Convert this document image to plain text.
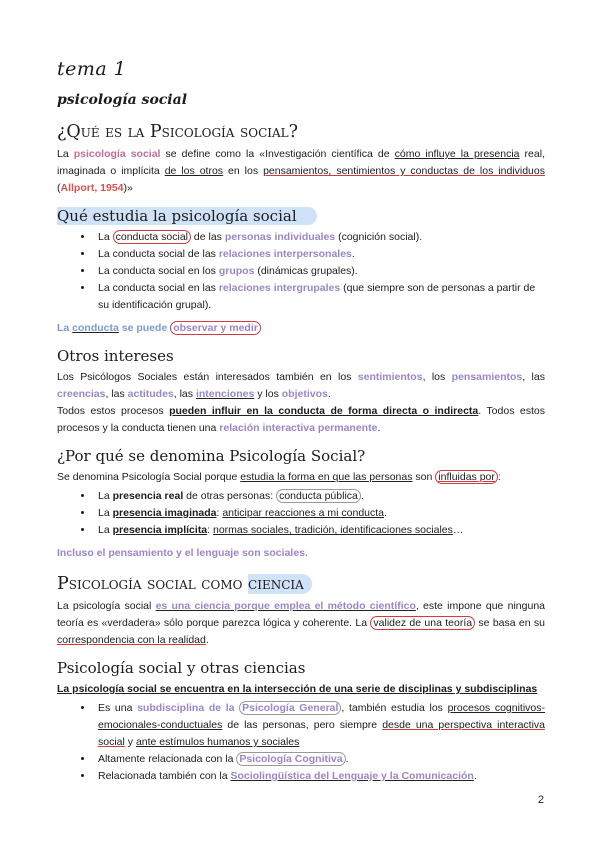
tema 1
psicología social
¿Qué es la Psicología social?

La psicología social se define como la «Investigación científica de cómo influye la presencia real, imaginada o implícita de los otros en los pensamientos, sentimientos y conductas de los individuos (Allport, 1954)»

Qué estudia la psicología social
• La conducta social de las personas individuales (cognición social).
• La conducta social de las relaciones interpersonales.
• La conducta social en los grupos (dinámicas grupales).
• La conducta social en las relaciones intergrupales (que siempre son de personas a partir de su identificación grupal).

La conducta se puede observar y medir

Otros intereses

Los Psicólogos Sociales están interesados también en los sentimientos, los pensamientos, las creencias, las actitudes, las intenciones y los objetivos.

Todos estos procesos pueden influir en la conducta de forma directa o indirecta. Todos estos procesos y la conducta tienen una relación interactiva permanente.

¿Por qué se denomina Psicología Social?

Se denomina Psicología Social porque estudia la forma en que las personas son influidas por :

• La presencia real de otras personas: conducta pública .
• La presencia imaginada: anticipar reacciones a mi conducta.
• La presencia implícita: normas sociales, tradición, identificaciones sociales…

Incluso el pensamiento y el lenguaje son sociales.

Psicología social como ciencia

La psicología social es una ciencia porque emplea el método científico, este impone que ninguna teoría es «verdadera» sólo porque parezca lógica y coherente. La validez de una teoría se basa en su correspondencia con la realidad.

Psicología social y otras ciencias

La psicología social se encuentra en la intersección de una serie de disciplinas y subdisciplinas

• Es una subdisciplina de la Psicología General , también estudia los procesos cognitivos-emocionales-conductuales de las personas, pero siempre desde una perspectiva interactiva social y ante estímulos humanos y sociales

• Altamente relacionada con la Psicología Cognitiva .
• Relacionada también con la Sociolingüística del Lenguaje y la Comunicación.
2
